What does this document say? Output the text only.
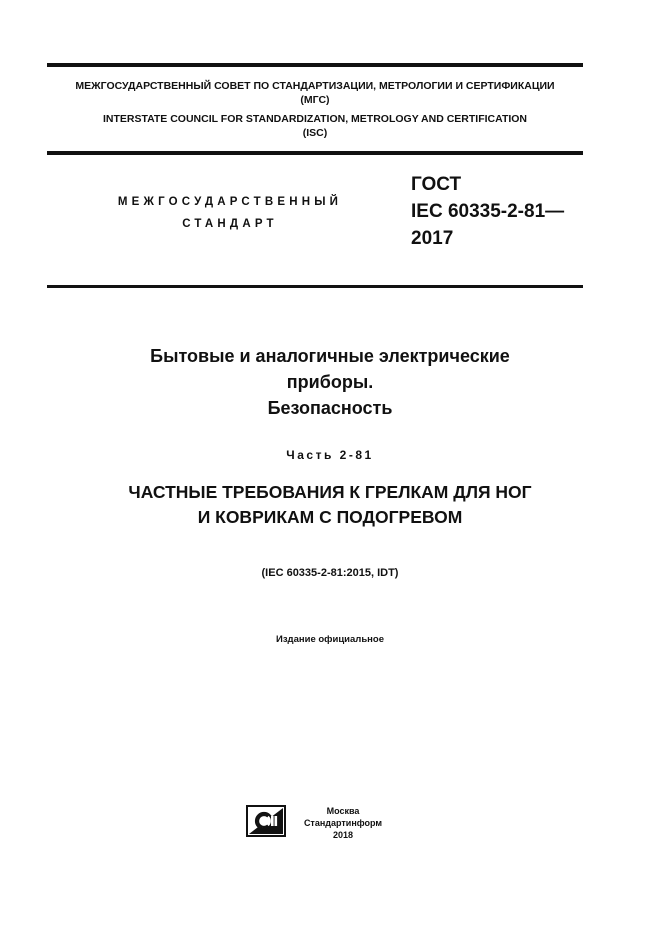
МЕЖГОСУДАРСТВЕННЫЙ СОВЕТ ПО СТАНДАРТИЗАЦИИ, МЕТРОЛОГИИ И СЕРТИФИКАЦИИ
(МГС)
INTERSTATE COUNCIL FOR STANDARDIZATION, METROLOGY AND CERTIFICATION
(ISC)
МЕЖГОСУДАРСТВЕННЫЙ
СТАНДАРТ
ГОСТ
IEC 60335-2-81—
2017
Бытовые и аналогичные электрические
приборы.
Безопасность
Часть 2-81
ЧАСТНЫЕ ТРЕБОВАНИЯ К ГРЕЛКАМ ДЛЯ НОГ
И КОВРИКАМ С ПОДОГРЕВОМ
(IEC 60335-2-81:2015, IDT)
Издание официальное
Москва
Стандартинформ
2018
